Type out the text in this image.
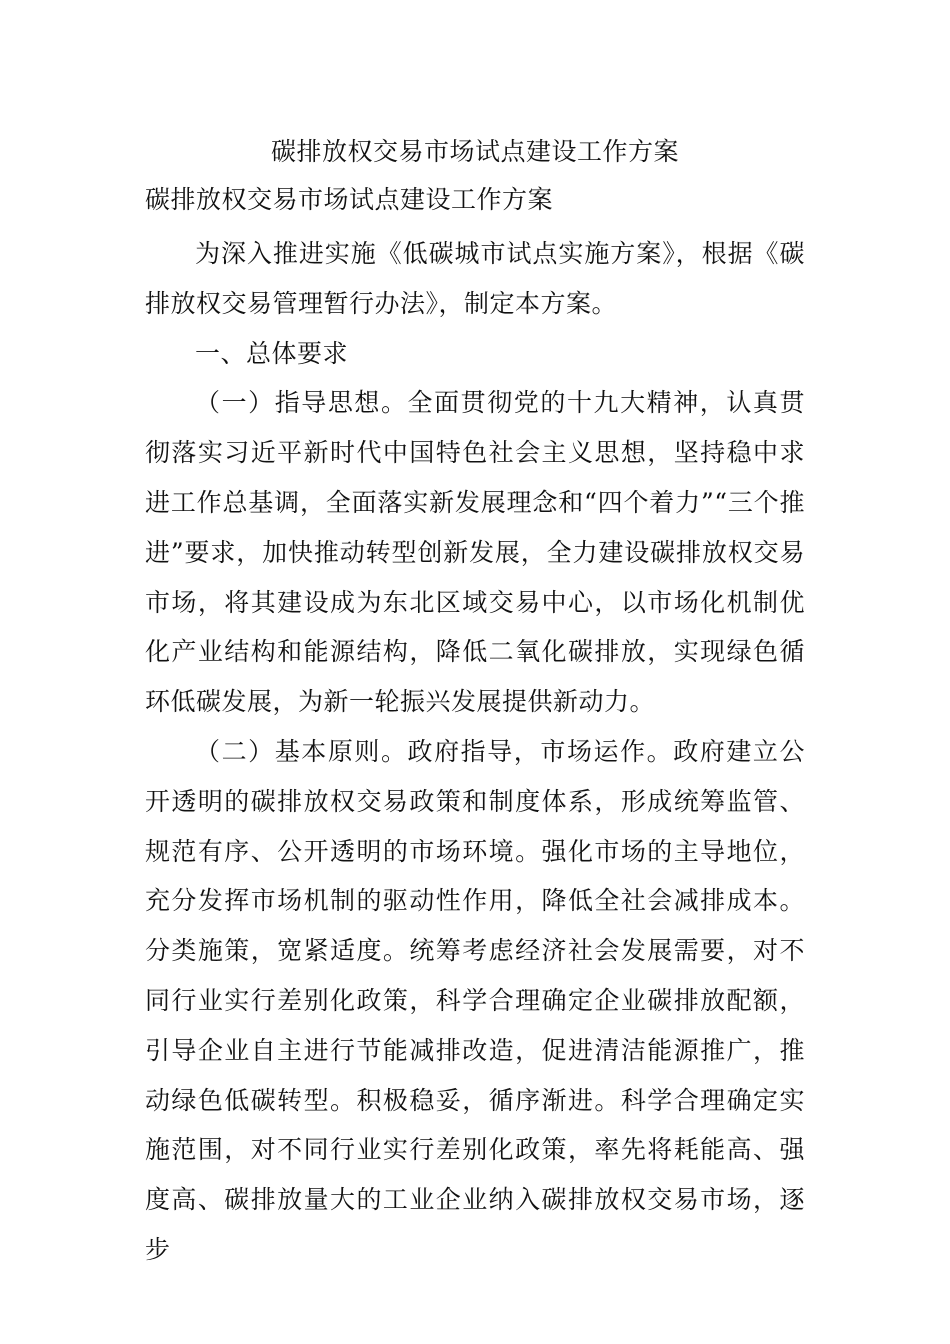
碳排放权交易市场试点建设工作方案
碳排放权交易市场试点建设工作方案

为深入推进实施《低碳城市试点实施方案》，根据《碳排放权交易管理暂行办法》，制定本方案。

一、总体要求

（一）指导思想。全面贯彻党的十九大精神，认真贯彻落实习近平新时代中国特色社会主义思想，坚持稳中求进工作总基调，全面落实新发展理念和“四个着力”“三个推进”要求，加快推动转型创新发展，全力建设碳排放权交易市场，将其建设成为东北区域交易中心，以市场化机制优化产业结构和能源结构，降低二氧化碳排放，实现绿色循环低碳发展，为新一轮振兴发展提供新动力。

（二）基本原则。政府指导，市场运作。政府建立公开透明的碳排放权交易政策和制度体系，形成统筹监管、规范有序、公开透明的市场环境。强化市场的主导地位，充分发挥市场机制的驱动性作用，降低全社会减排成本。分类施策，宽紧适度。统筹考虑经济社会发展需要，对不同行业实行差别化政策，科学合理确定企业碳排放配额，引导企业自主进行节能减排改造，促进清洁能源推广，推动绿色低碳转型。积极稳妥，循序渐进。科学合理确定实施范围，对不同行业实行差别化政策，率先将耗能高、强度高、碳排放量大的工业企业纳入碳排放权交易市场，逐步
